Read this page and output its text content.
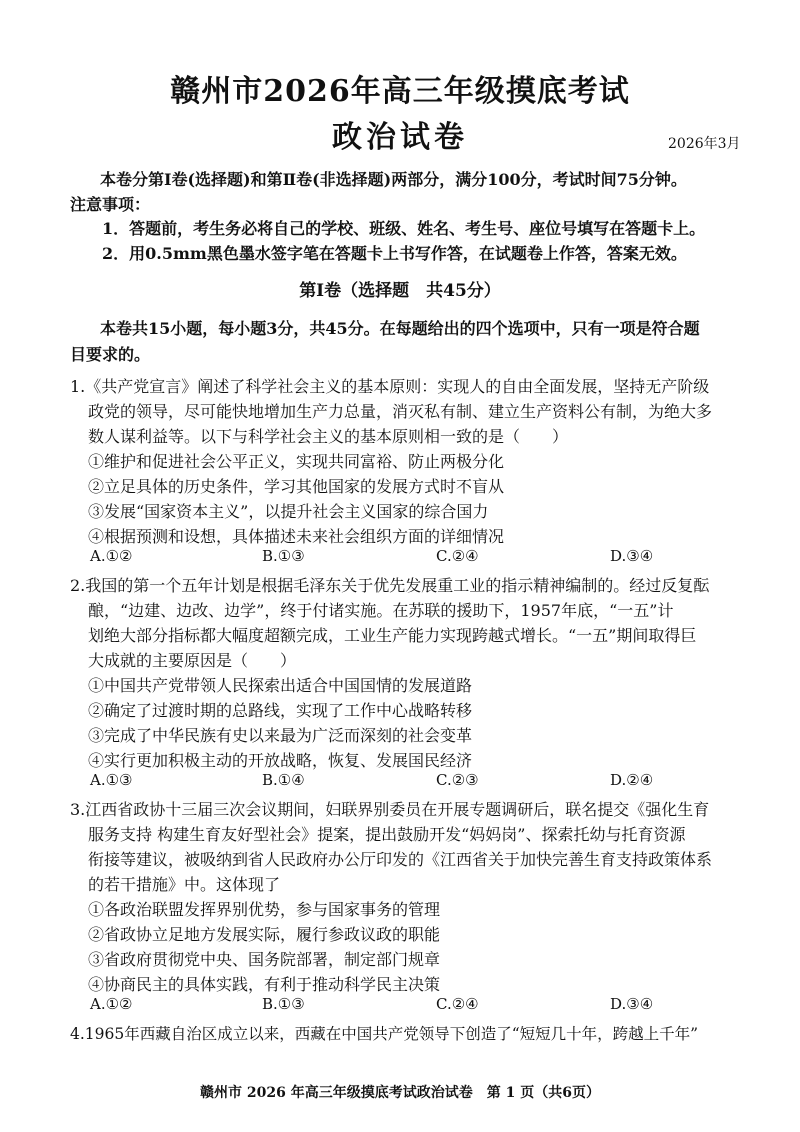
赣州市2026年高三年级摸底考试
政治试卷	2026年3月
本卷分第Ⅰ卷(选择题)和第Ⅱ卷(非选择题)两部分，满分100分，考试时间75分钟。
注意事项：
1．答题前，考生务必将自己的学校、班级、姓名、考生号、座位号填写在答题卡上。
2．用0.5mm黑色墨水签字笔在答题卡上书写作答，在试题卷上作答，答案无效。
第Ⅰ卷（选择题　共45分）
本卷共15小题，每小题3分，共45分。在每题给出的四个选项中，只有一项是符合题
目要求的。
1.《共产党宣言》阐述了科学社会主义的基本原则：实现人的自由全面发展，坚持无产阶级
政党的领导，尽可能快地增加生产力总量，消灭私有制、建立生产资料公有制，为绝大多
数人谋利益等。以下与科学社会主义的基本原则相一致的是（　　）
①维护和促进社会公平正义，实现共同富裕、防止两极分化
②立足具体的历史条件，学习其他国家的发展方式时不盲从
③发展“国家资本主义”，以提升社会主义国家的综合国力
④根据预测和设想，具体描述未来社会组织方面的详细情况
A.①②	B.①③	C.②④	D.③④
2.我国的第一个五年计划是根据毛泽东关于优先发展重工业的指示精神编制的。经过反复酝
酿，“边建、边改、边学”，终于付诸实施。在苏联的援助下，1957年底，“一五”计
划绝大部分指标都大幅度超额完成，工业生产能力实现跨越式增长。“一五”期间取得巨
大成就的主要原因是（　　）
①中国共产党带领人民探索出适合中国国情的发展道路
②确定了过渡时期的总路线，实现了工作中心战略转移
③完成了中华民族有史以来最为广泛而深刻的社会变革
④实行更加积极主动的开放战略，恢复、发展国民经济
A.①③	B.①④	C.②③	D.②④
3.江西省政协十三届三次会议期间，妇联界别委员在开展专题调研后，联名提交《强化生育
服务支持 构建生育友好型社会》提案，提出鼓励开发“妈妈岗”、探索托幼与托育资源
衔接等建议，被吸纳到省人民政府办公厅印发的《江西省关于加快完善生育支持政策体系
的若干措施》中。这体现了
①各政治联盟发挥界别优势，参与国家事务的管理
②省政协立足地方发展实际，履行参政议政的职能
③省政府贯彻党中央、国务院部署，制定部门规章
④协商民主的具体实践，有利于推动科学民主决策
A.①②	B.①③	C.②④	D.③④
4.1965年西藏自治区成立以来，西藏在中国共产党领导下创造了“短短几十年，跨越上千年”
赣州市 2026 年高三年级摸底考试政治试卷　第 1 页（共6页）
